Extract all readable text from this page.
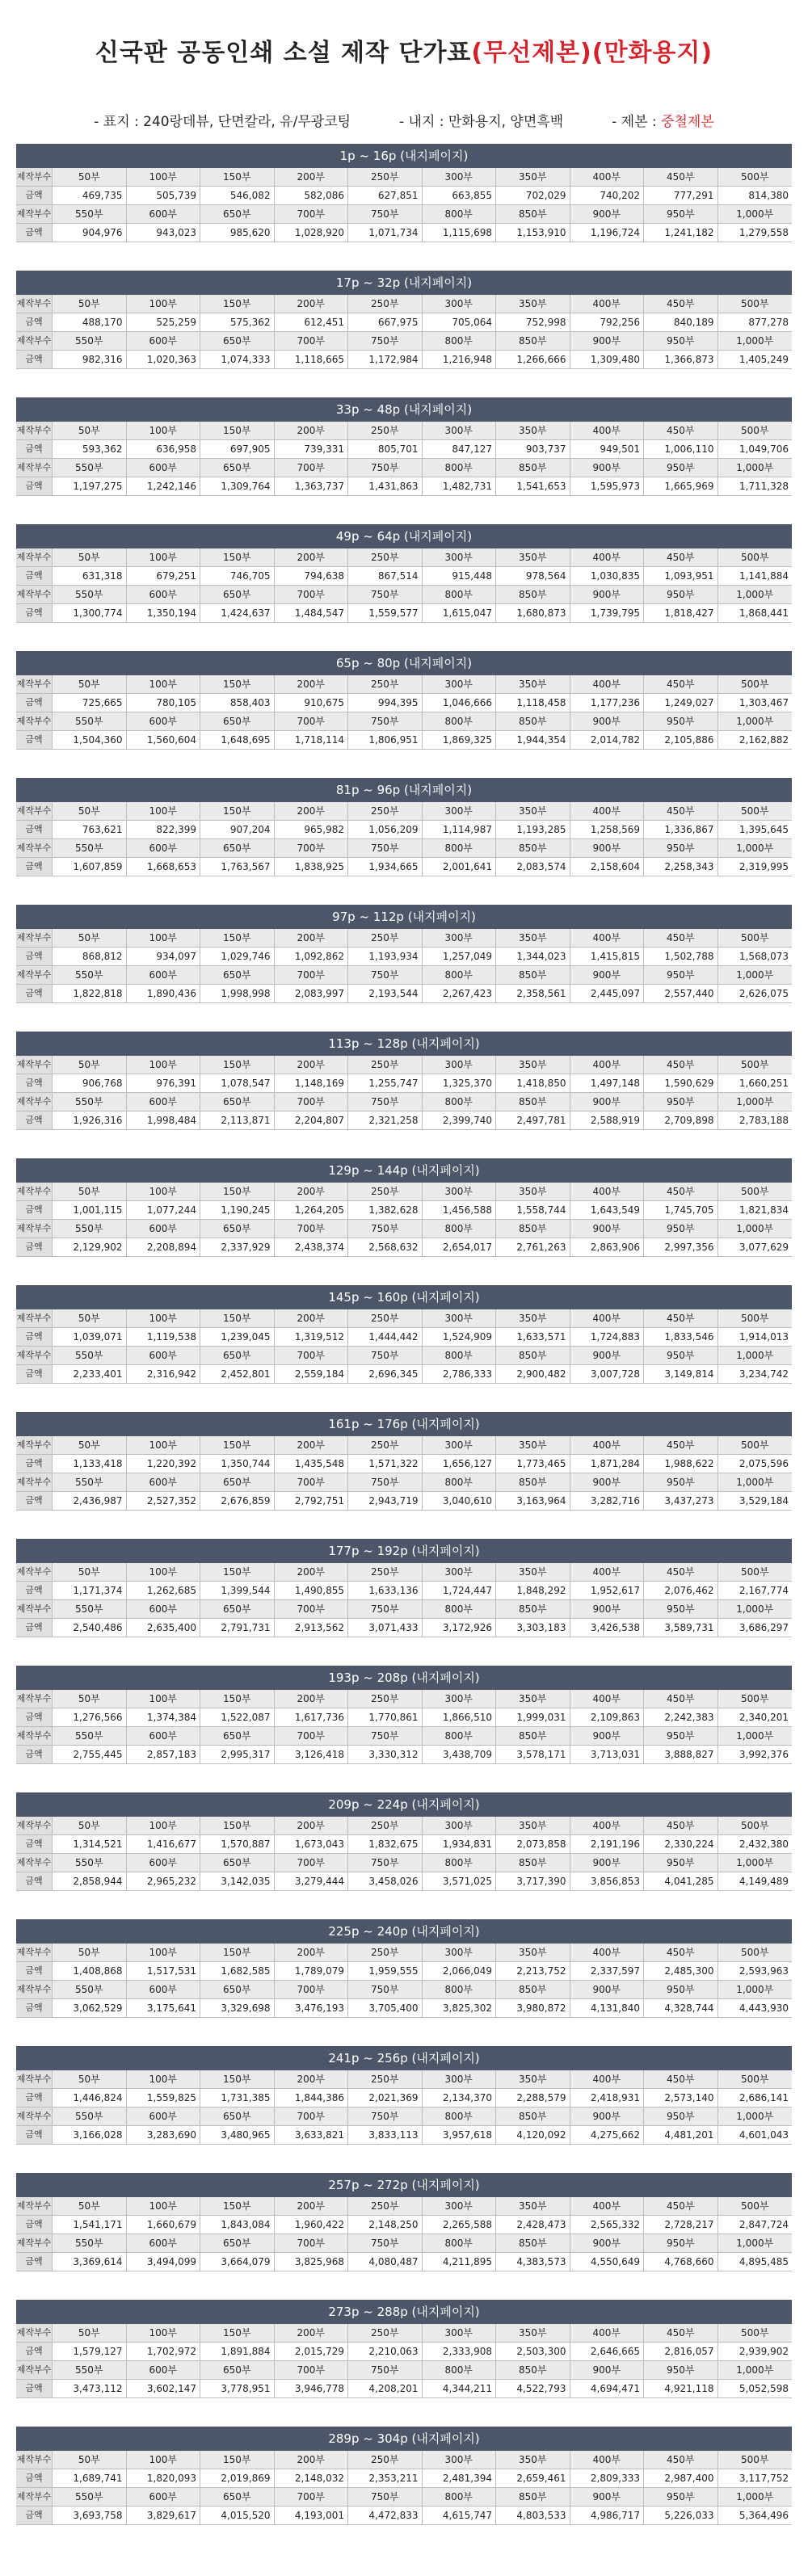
신국판 공동인쇄 소설 제작 단가표(무선제본)(만화용지)
- 표지 : 240랑데뷰, 단면칼라, 유/무광코팅	- 내지 : 만화용지, 양면흑백	- 제본 : 중철제본
1p ~ 16p (내지페이지)
제작부수	50부	100부	150부	200부	250부	300부	350부	400부	450부	500부
금액	469,735	505,739	546,082	582,086	627,851	663,855	702,029	740,202	777,291	814,380
제작부수	550부	600부	650부	700부	750부	800부	850부	900부	950부	1,000부
금액	904,976	943,023	985,620	1,028,920	1,071,734	1,115,698	1,153,910	1,196,724	1,241,182	1,279,558
17p ~ 32p (내지페이지)
제작부수	50부	100부	150부	200부	250부	300부	350부	400부	450부	500부
금액	488,170	525,259	575,362	612,451	667,975	705,064	752,998	792,256	840,189	877,278
제작부수	550부	600부	650부	700부	750부	800부	850부	900부	950부	1,000부
금액	982,316	1,020,363	1,074,333	1,118,665	1,172,984	1,216,948	1,266,666	1,309,480	1,366,873	1,405,249
33p ~ 48p (내지페이지)
제작부수	50부	100부	150부	200부	250부	300부	350부	400부	450부	500부
금액	593,362	636,958	697,905	739,331	805,701	847,127	903,737	949,501	1,006,110	1,049,706
제작부수	550부	600부	650부	700부	750부	800부	850부	900부	950부	1,000부
금액	1,197,275	1,242,146	1,309,764	1,363,737	1,431,863	1,482,731	1,541,653	1,595,973	1,665,969	1,711,328
49p ~ 64p (내지페이지)
제작부수	50부	100부	150부	200부	250부	300부	350부	400부	450부	500부
금액	631,318	679,251	746,705	794,638	867,514	915,448	978,564	1,030,835	1,093,951	1,141,884
제작부수	550부	600부	650부	700부	750부	800부	850부	900부	950부	1,000부
금액	1,300,774	1,350,194	1,424,637	1,484,547	1,559,577	1,615,047	1,680,873	1,739,795	1,818,427	1,868,441
65p ~ 80p (내지페이지)
제작부수	50부	100부	150부	200부	250부	300부	350부	400부	450부	500부
금액	725,665	780,105	858,403	910,675	994,395	1,046,666	1,118,458	1,177,236	1,249,027	1,303,467
제작부수	550부	600부	650부	700부	750부	800부	850부	900부	950부	1,000부
금액	1,504,360	1,560,604	1,648,695	1,718,114	1,806,951	1,869,325	1,944,354	2,014,782	2,105,886	2,162,882
81p ~ 96p (내지페이지)
제작부수	50부	100부	150부	200부	250부	300부	350부	400부	450부	500부
금액	763,621	822,399	907,204	965,982	1,056,209	1,114,987	1,193,285	1,258,569	1,336,867	1,395,645
제작부수	550부	600부	650부	700부	750부	800부	850부	900부	950부	1,000부
금액	1,607,859	1,668,653	1,763,567	1,838,925	1,934,665	2,001,641	2,083,574	2,158,604	2,258,343	2,319,995
97p ~ 112p (내지페이지)
제작부수	50부	100부	150부	200부	250부	300부	350부	400부	450부	500부
금액	868,812	934,097	1,029,746	1,092,862	1,193,934	1,257,049	1,344,023	1,415,815	1,502,788	1,568,073
제작부수	550부	600부	650부	700부	750부	800부	850부	900부	950부	1,000부
금액	1,822,818	1,890,436	1,998,998	2,083,997	2,193,544	2,267,423	2,358,561	2,445,097	2,557,440	2,626,075
113p ~ 128p (내지페이지)
제작부수	50부	100부	150부	200부	250부	300부	350부	400부	450부	500부
금액	906,768	976,391	1,078,547	1,148,169	1,255,747	1,325,370	1,418,850	1,497,148	1,590,629	1,660,251
제작부수	550부	600부	650부	700부	750부	800부	850부	900부	950부	1,000부
금액	1,926,316	1,998,484	2,113,871	2,204,807	2,321,258	2,399,740	2,497,781	2,588,919	2,709,898	2,783,188
129p ~ 144p (내지페이지)
제작부수	50부	100부	150부	200부	250부	300부	350부	400부	450부	500부
금액	1,001,115	1,077,244	1,190,245	1,264,205	1,382,628	1,456,588	1,558,744	1,643,549	1,745,705	1,821,834
제작부수	550부	600부	650부	700부	750부	800부	850부	900부	950부	1,000부
금액	2,129,902	2,208,894	2,337,929	2,438,374	2,568,632	2,654,017	2,761,263	2,863,906	2,997,356	3,077,629
145p ~ 160p (내지페이지)
제작부수	50부	100부	150부	200부	250부	300부	350부	400부	450부	500부
금액	1,039,071	1,119,538	1,239,045	1,319,512	1,444,442	1,524,909	1,633,571	1,724,883	1,833,546	1,914,013
제작부수	550부	600부	650부	700부	750부	800부	850부	900부	950부	1,000부
금액	2,233,401	2,316,942	2,452,801	2,559,184	2,696,345	2,786,333	2,900,482	3,007,728	3,149,814	3,234,742
161p ~ 176p (내지페이지)
제작부수	50부	100부	150부	200부	250부	300부	350부	400부	450부	500부
금액	1,133,418	1,220,392	1,350,744	1,435,548	1,571,322	1,656,127	1,773,465	1,871,284	1,988,622	2,075,596
제작부수	550부	600부	650부	700부	750부	800부	850부	900부	950부	1,000부
금액	2,436,987	2,527,352	2,676,859	2,792,751	2,943,719	3,040,610	3,163,964	3,282,716	3,437,273	3,529,184
177p ~ 192p (내지페이지)
제작부수	50부	100부	150부	200부	250부	300부	350부	400부	450부	500부
금액	1,171,374	1,262,685	1,399,544	1,490,855	1,633,136	1,724,447	1,848,292	1,952,617	2,076,462	2,167,774
제작부수	550부	600부	650부	700부	750부	800부	850부	900부	950부	1,000부
금액	2,540,486	2,635,400	2,791,731	2,913,562	3,071,433	3,172,926	3,303,183	3,426,538	3,589,731	3,686,297
193p ~ 208p (내지페이지)
제작부수	50부	100부	150부	200부	250부	300부	350부	400부	450부	500부
금액	1,276,566	1,374,384	1,522,087	1,617,736	1,770,861	1,866,510	1,999,031	2,109,863	2,242,383	2,340,201
제작부수	550부	600부	650부	700부	750부	800부	850부	900부	950부	1,000부
금액	2,755,445	2,857,183	2,995,317	3,126,418	3,330,312	3,438,709	3,578,171	3,713,031	3,888,827	3,992,376
209p ~ 224p (내지페이지)
제작부수	50부	100부	150부	200부	250부	300부	350부	400부	450부	500부
금액	1,314,521	1,416,677	1,570,887	1,673,043	1,832,675	1,934,831	2,073,858	2,191,196	2,330,224	2,432,380
제작부수	550부	600부	650부	700부	750부	800부	850부	900부	950부	1,000부
금액	2,858,944	2,965,232	3,142,035	3,279,444	3,458,026	3,571,025	3,717,390	3,856,853	4,041,285	4,149,489
225p ~ 240p (내지페이지)
제작부수	50부	100부	150부	200부	250부	300부	350부	400부	450부	500부
금액	1,408,868	1,517,531	1,682,585	1,789,079	1,959,555	2,066,049	2,213,752	2,337,597	2,485,300	2,593,963
제작부수	550부	600부	650부	700부	750부	800부	850부	900부	950부	1,000부
금액	3,062,529	3,175,641	3,329,698	3,476,193	3,705,400	3,825,302	3,980,872	4,131,840	4,328,744	4,443,930
241p ~ 256p (내지페이지)
제작부수	50부	100부	150부	200부	250부	300부	350부	400부	450부	500부
금액	1,446,824	1,559,825	1,731,385	1,844,386	2,021,369	2,134,370	2,288,579	2,418,931	2,573,140	2,686,141
제작부수	550부	600부	650부	700부	750부	800부	850부	900부	950부	1,000부
금액	3,166,028	3,283,690	3,480,965	3,633,821	3,833,113	3,957,618	4,120,092	4,275,662	4,481,201	4,601,043
257p ~ 272p (내지페이지)
제작부수	50부	100부	150부	200부	250부	300부	350부	400부	450부	500부
금액	1,541,171	1,660,679	1,843,084	1,960,422	2,148,250	2,265,588	2,428,473	2,565,332	2,728,217	2,847,724
제작부수	550부	600부	650부	700부	750부	800부	850부	900부	950부	1,000부
금액	3,369,614	3,494,099	3,664,079	3,825,968	4,080,487	4,211,895	4,383,573	4,550,649	4,768,660	4,895,485
273p ~ 288p (내지페이지)
제작부수	50부	100부	150부	200부	250부	300부	350부	400부	450부	500부
금액	1,579,127	1,702,972	1,891,884	2,015,729	2,210,063	2,333,908	2,503,300	2,646,665	2,816,057	2,939,902
제작부수	550부	600부	650부	700부	750부	800부	850부	900부	950부	1,000부
금액	3,473,112	3,602,147	3,778,951	3,946,778	4,208,201	4,344,211	4,522,793	4,694,471	4,921,118	5,052,598
289p ~ 304p (내지페이지)
제작부수	50부	100부	150부	200부	250부	300부	350부	400부	450부	500부
금액	1,689,741	1,820,093	2,019,869	2,148,032	2,353,211	2,481,394	2,659,461	2,809,333	2,987,400	3,117,752
제작부수	550부	600부	650부	700부	750부	800부	850부	900부	950부	1,000부
금액	3,693,758	3,829,617	4,015,520	4,193,001	4,472,833	4,615,747	4,803,533	4,986,717	5,226,033	5,364,496
